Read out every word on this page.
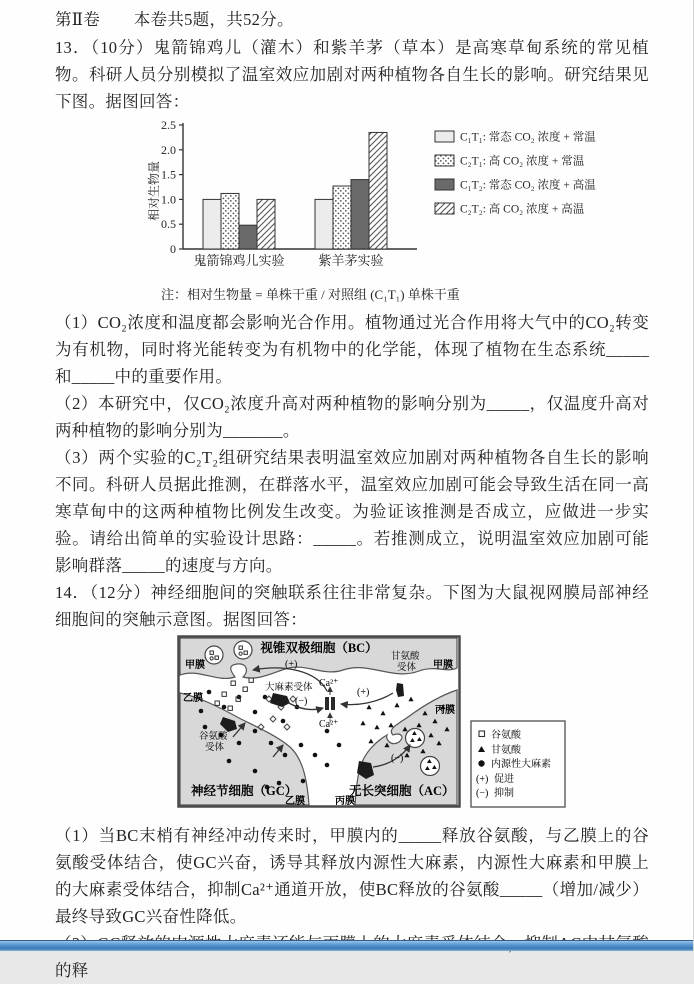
第Ⅱ卷　　本卷共5题，共52分。

13．（10分）鬼箭锦鸡儿（灌木）和紫羊茅（草本）是高寒草甸系统的常见植物。科研人员分别模拟了温室效应加剧对两种植物各自生长的影响。研究结果见下图。据图回答：

0
0.5
1.0
1.5
2.0
2.5
相对生物量
鬼箭锦鸡儿实验	紫羊茅实验
C₁T₁: 常态 CO₂ 浓度 + 常温
C₂T₁: 高 CO₂ 浓度 + 常温
C₁T₂: 常态 CO₂ 浓度 + 高温
C₂T₂: 高 CO₂ 浓度 + 高温
注：相对生物量 = 单株干重 / 对照组 (C₁T₁) 单株干重

（1）CO₂浓度和温度都会影响光合作用。植物通过光合作用将大气中的CO₂转变为有机物，同时将光能转变为有机物中的化学能，体现了植物在生态系统_____和_____中的重要作用。

（2）本研究中，仅CO₂浓度升高对两种植物的影响分别为_____，仅温度升高对两种植物的影响分别为_______。

（3）两个实验的C₂T₂组研究结果表明温室效应加剧对两种植物各自生长的影响不同。科研人员据此推测，在群落水平，温室效应加剧可能会导致生活在同一高寒草甸中的这两种植物比例发生改变。为验证该推测是否成立，应做进一步实验。请给出简单的实验设计思路：_____。若推测成立，说明温室效应加剧可能影响群落_____的速度与方向。

14．（12分）神经细胞间的突触联系往往非常复杂。下图为大鼠视网膜局部神经细胞间的突触示意图。据图回答：

视锥双极细胞（BC）
甲膜	甲膜
乙膜
丙膜
大麻素受体
甘氨酸
受体
谷氨酸
受体
Ca²⁺
Ca²⁺
(+)
(+)
(−)
(−)
神经节细胞（GC）	无长突细胞（AC）
乙膜	丙膜
谷氨酸
甘氨酸
内源性大麻素
(+) 促进
(−) 抑制

（1）当BC末梢有神经冲动传来时，甲膜内的_____释放谷氨酸，与乙膜上的谷氨酸受体结合，使GC兴奋，诱导其释放内源性大麻素，内源性大麻素和甲膜上的大麻素受体结合，抑制Ca²⁺通道开放，使BC释放的谷氨酸_____（增加/减少）最终导致GC兴奋性降低。

的释
